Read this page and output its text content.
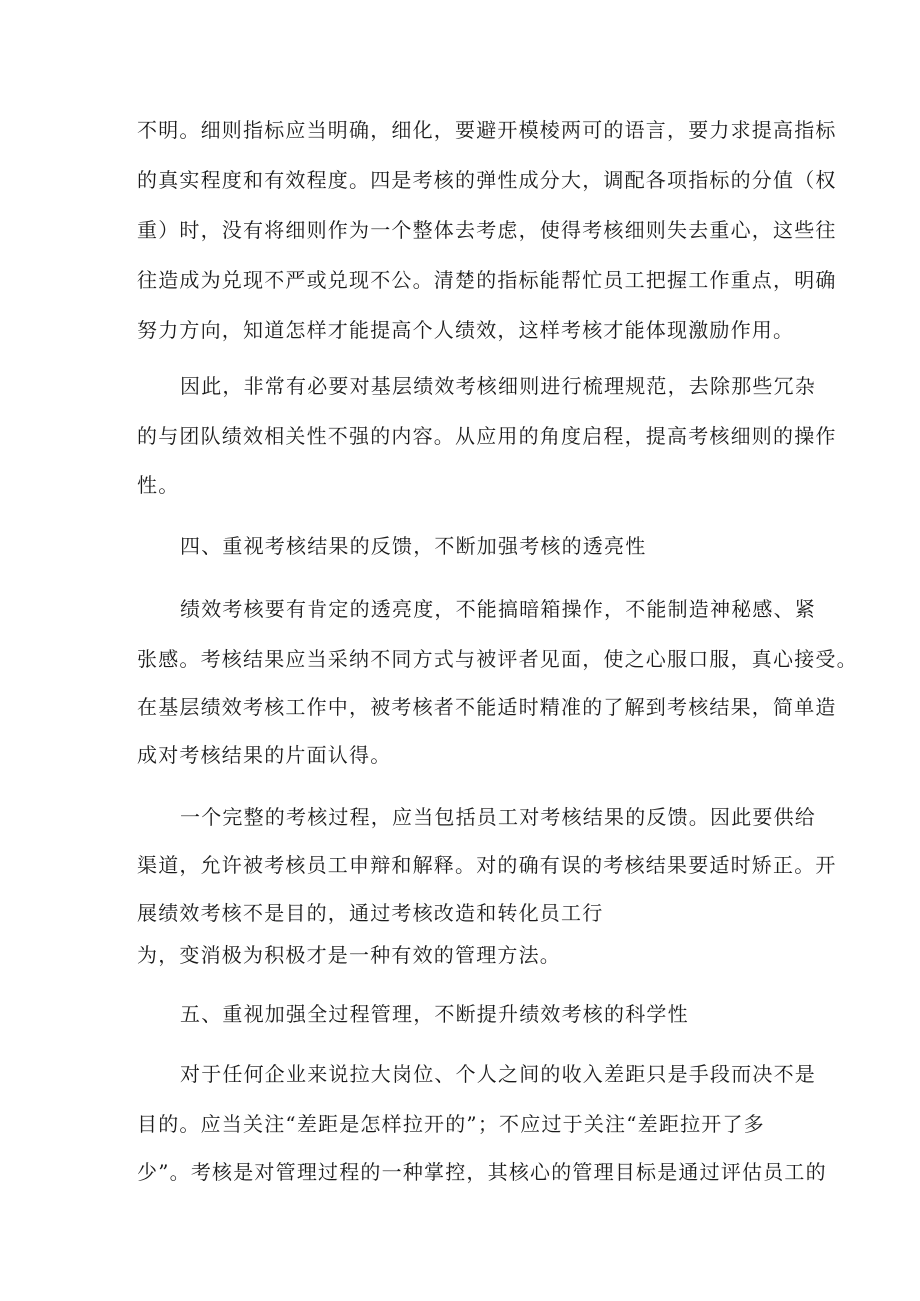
不明。细则指标应当明确，细化，要避开模棱两可的语言，要力求提高指标
的真实程度和有效程度。四是考核的弹性成分大，调配各项指标的分值（权
重）时，没有将细则作为一个整体去考虑，使得考核细则失去重心，这些往
往造成为兑现不严或兑现不公。清楚的指标能帮忙员工把握工作重点，明确
努力方向，知道怎样才能提高个人绩效，这样考核才能体现激励作用。
因此，非常有必要对基层绩效考核细则进行梳理规范，去除那些冗杂
的与团队绩效相关性不强的内容。从应用的角度启程，提高考核细则的操作
性。
四、重视考核结果的反馈，不断加强考核的透亮性
绩效考核要有肯定的透亮度，不能搞暗箱操作，不能制造神秘感、紧
张感。考核结果应当采纳不同方式与被评者见面，使之心服口服，真心接受。
在基层绩效考核工作中，被考核者不能适时精准的了解到考核结果，简单造
成对考核结果的片面认得。
一个完整的考核过程，应当包括员工对考核结果的反馈。因此要供给
渠道，允许被考核员工申辩和解释。对的确有误的考核结果要适时矫正。开
展绩效考核不是目的，通过考核改造和转化员工行
为，变消极为积极才是一种有效的管理方法。
五、重视加强全过程管理，不断提升绩效考核的科学性
对于任何企业来说拉大岗位、个人之间的收入差距只是手段而决不是
目的。应当关注“差距是怎样拉开的”；不应过于关注“差距拉开了多
少”。考核是对管理过程的一种掌控，其核心的管理目标是通过评估员工的
